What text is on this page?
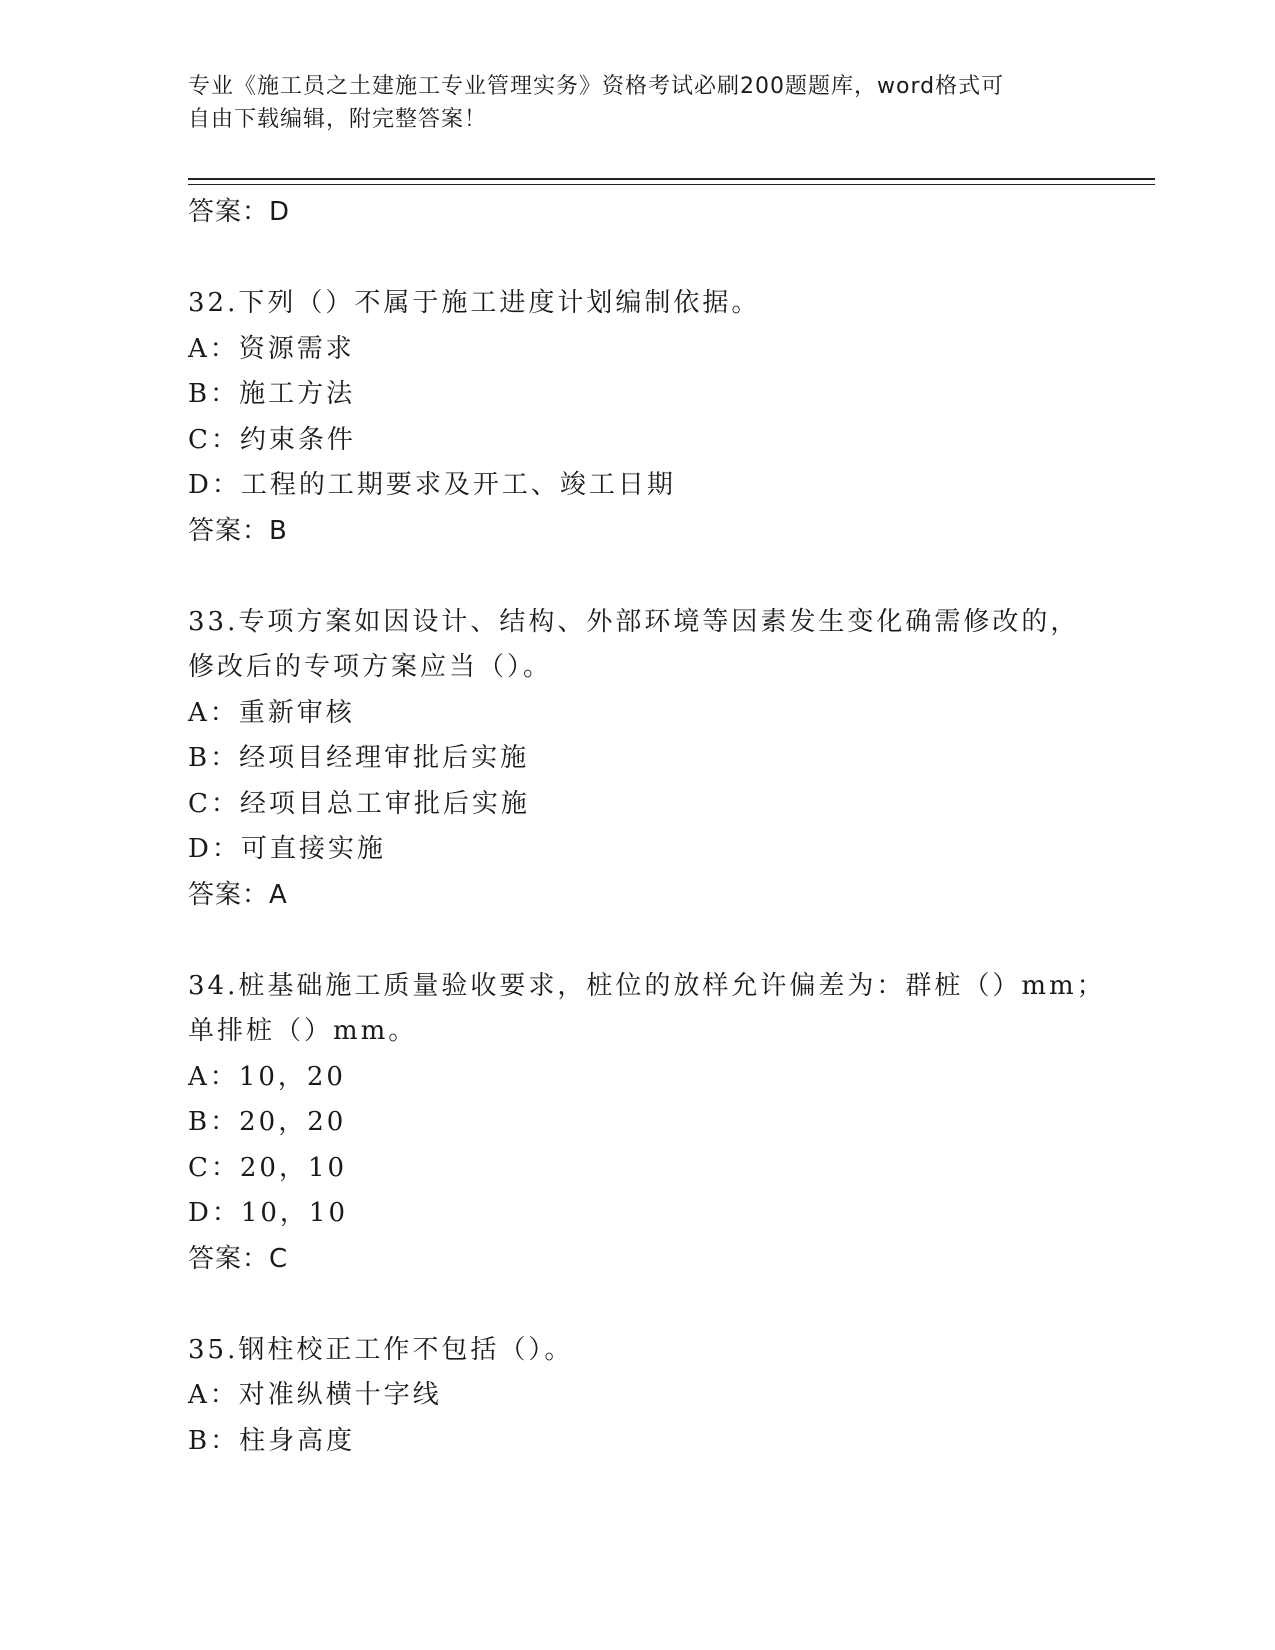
专业《施工员之土建施工专业管理实务》资格考试必刷200题题库，word格式可
自由下载编辑，附完整答案！
答案：D
32.下列（）不属于施工进度计划编制依据。
A：资源需求
B：施工方法
C：约束条件
D：工程的工期要求及开工、竣工日期
答案：B
33.专项方案如因设计、结构、外部环境等因素发生变化确需修改的，
修改后的专项方案应当（）。
A：重新审核
B：经项目经理审批后实施
C：经项目总工审批后实施
D：可直接实施
答案：A
34.桩基础施工质量验收要求，桩位的放样允许偏差为：群桩（）mm；
单排桩（）mm。
A：10，20
B：20，20
C：20，10
D：10，10
答案：C
35.钢柱校正工作不包括（）。
A：对准纵横十字线
B：柱身高度
